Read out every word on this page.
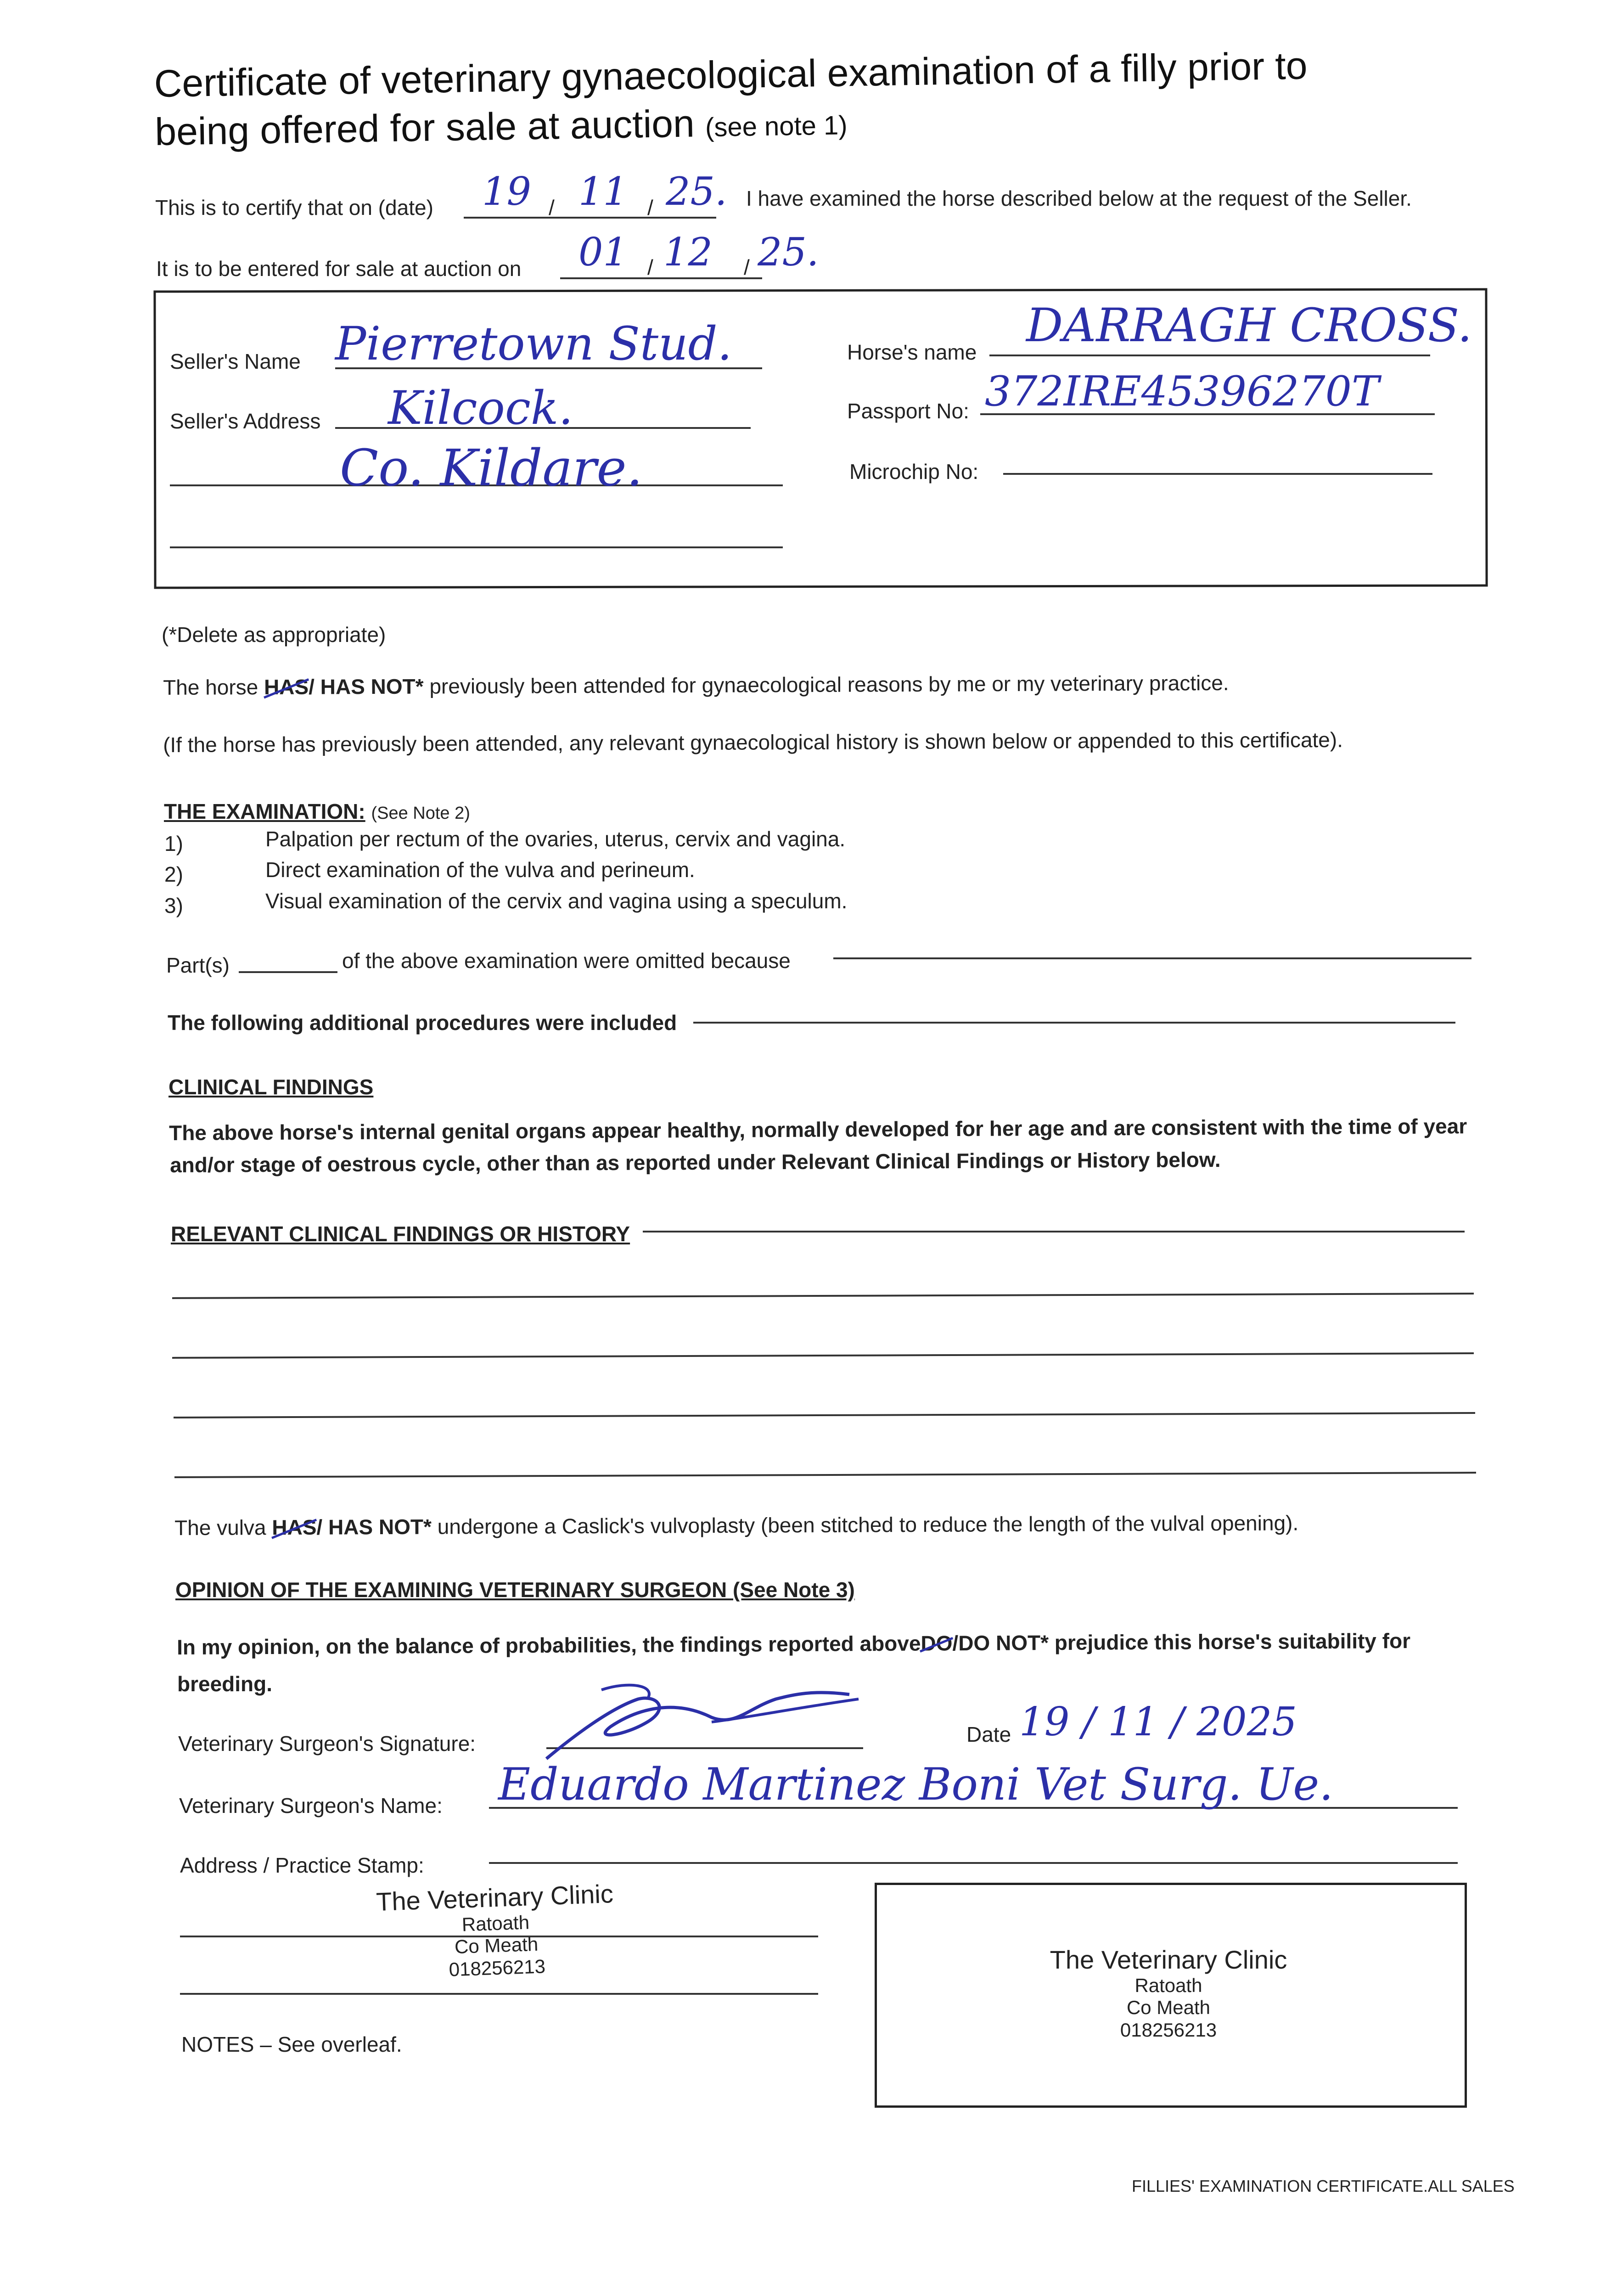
Certificate of veterinary gynaecological examination of a filly prior to
being offered for sale at auction (see note 1)
This is to certify that on (date) 19 / 11 / 25. I have examined the horse described below at the request of the Seller.
It is to be entered for sale at auction on 01 / 12 / 25.
Seller's Name Pierretown Stud.
Seller's Address Kilcock.
Co. Kildare.
Horse's name DARRAGH CROSS.
Passport No: 372IRE45396270T
Microchip No:
(*Delete as appropriate)
The horse HAS/ HAS NOT* previously been attended for gynaecological reasons by me or my veterinary practice.
(If the horse has previously been attended, any relevant gynaecological history is shown below or appended to this certificate).
THE EXAMINATION: (See Note 2)
1)	Palpation per rectum of the ovaries, uterus, cervix and vagina.
2)	Direct examination of the vulva and perineum.
3)	Visual examination of the cervix and vagina using a speculum.
Part(s)	of the above examination were omitted because
The following additional procedures were included
CLINICAL FINDINGS
The above horse's internal genital organs appear healthy, normally developed for her age and are consistent with the time of year
and/or stage of oestrous cycle, other than as reported under Relevant Clinical Findings or History below.
RELEVANT CLINICAL FINDINGS OR HISTORY
The vulva HAS/ HAS NOT* undergone a Caslick's vulvoplasty (been stitched to reduce the length of the vulval opening).
OPINION OF THE EXAMINING VETERINARY SURGEON (See Note 3)
In my opinion, on the balance of probabilities, the findings reported aboveDO/DO NOT* prejudice this horse's suitability for
breeding.
Veterinary Surgeon's Signature:	Date 19 / 11 / 2025
Veterinary Surgeon's Name: Eduardo Martinez Boni Vet Surg. Ue.
Address / Practice Stamp:
The Veterinary Clinic
Ratoath
Co Meath
018256213	The Veterinary Clinic
Ratoath
Co Meath
018256213
NOTES – See overleaf.
FILLIES' EXAMINATION CERTIFICATE.ALL SALES
